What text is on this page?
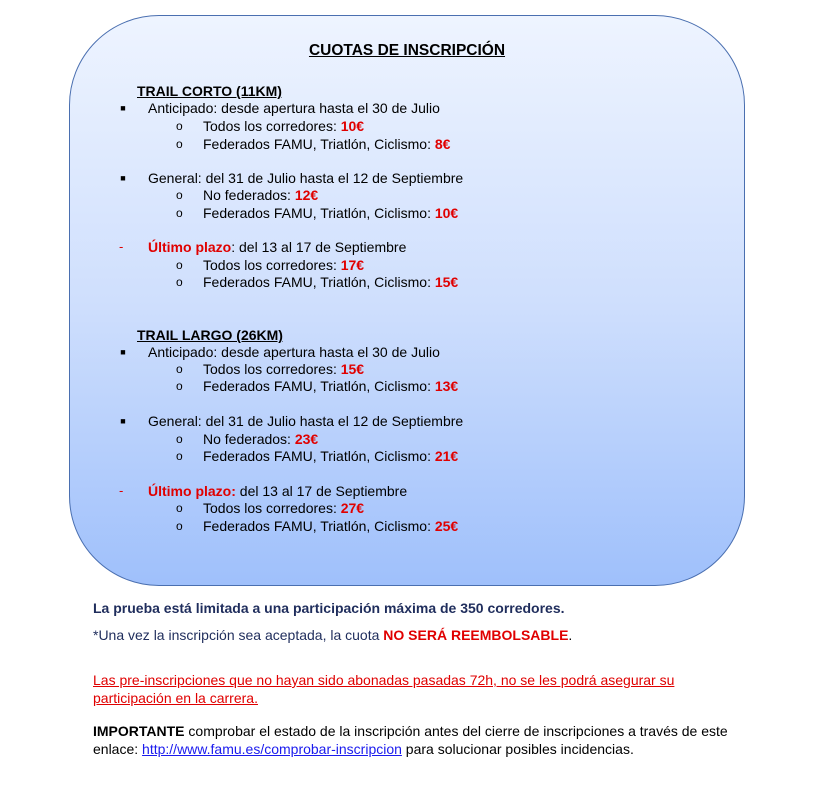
CUOTAS DE INSCRIPCIÓN
TRAIL CORTO (11KM)
■ Anticipado: desde apertura hasta el 30 de Julio
o Todos los corredores: 10€
o Federados FAMU, Triatlón, Ciclismo: 8€
■ General: del 31 de Julio hasta el 12 de Septiembre
o No federados: 12€
o Federados FAMU, Triatlón, Ciclismo: 10€
- Último plazo: del 13 al 17 de Septiembre
o Todos los corredores: 17€
o Federados FAMU, Triatlón, Ciclismo: 15€
TRAIL LARGO (26KM)
■ Anticipado: desde apertura hasta el 30 de Julio
o Todos los corredores: 15€
o Federados FAMU, Triatlón, Ciclismo: 13€
■ General: del 31 de Julio hasta el 12 de Septiembre
o No federados: 23€
o Federados FAMU, Triatlón, Ciclismo: 21€
- Último plazo: del 13 al 17 de Septiembre
o Todos los corredores: 27€
o Federados FAMU, Triatlón, Ciclismo: 25€
La prueba está limitada a una participación máxima de 350 corredores.
*Una vez la inscripción sea aceptada, la cuota NO SERÁ REEMBOLSABLE.
Las pre-inscripciones que no hayan sido abonadas pasadas 72h, no se les podrá asegurar su participación en la carrera.
IMPORTANTE comprobar el estado de la inscripción antes del cierre de inscripciones a través de este enlace: http://www.famu.es/comprobar-inscripcion para solucionar posibles incidencias.
